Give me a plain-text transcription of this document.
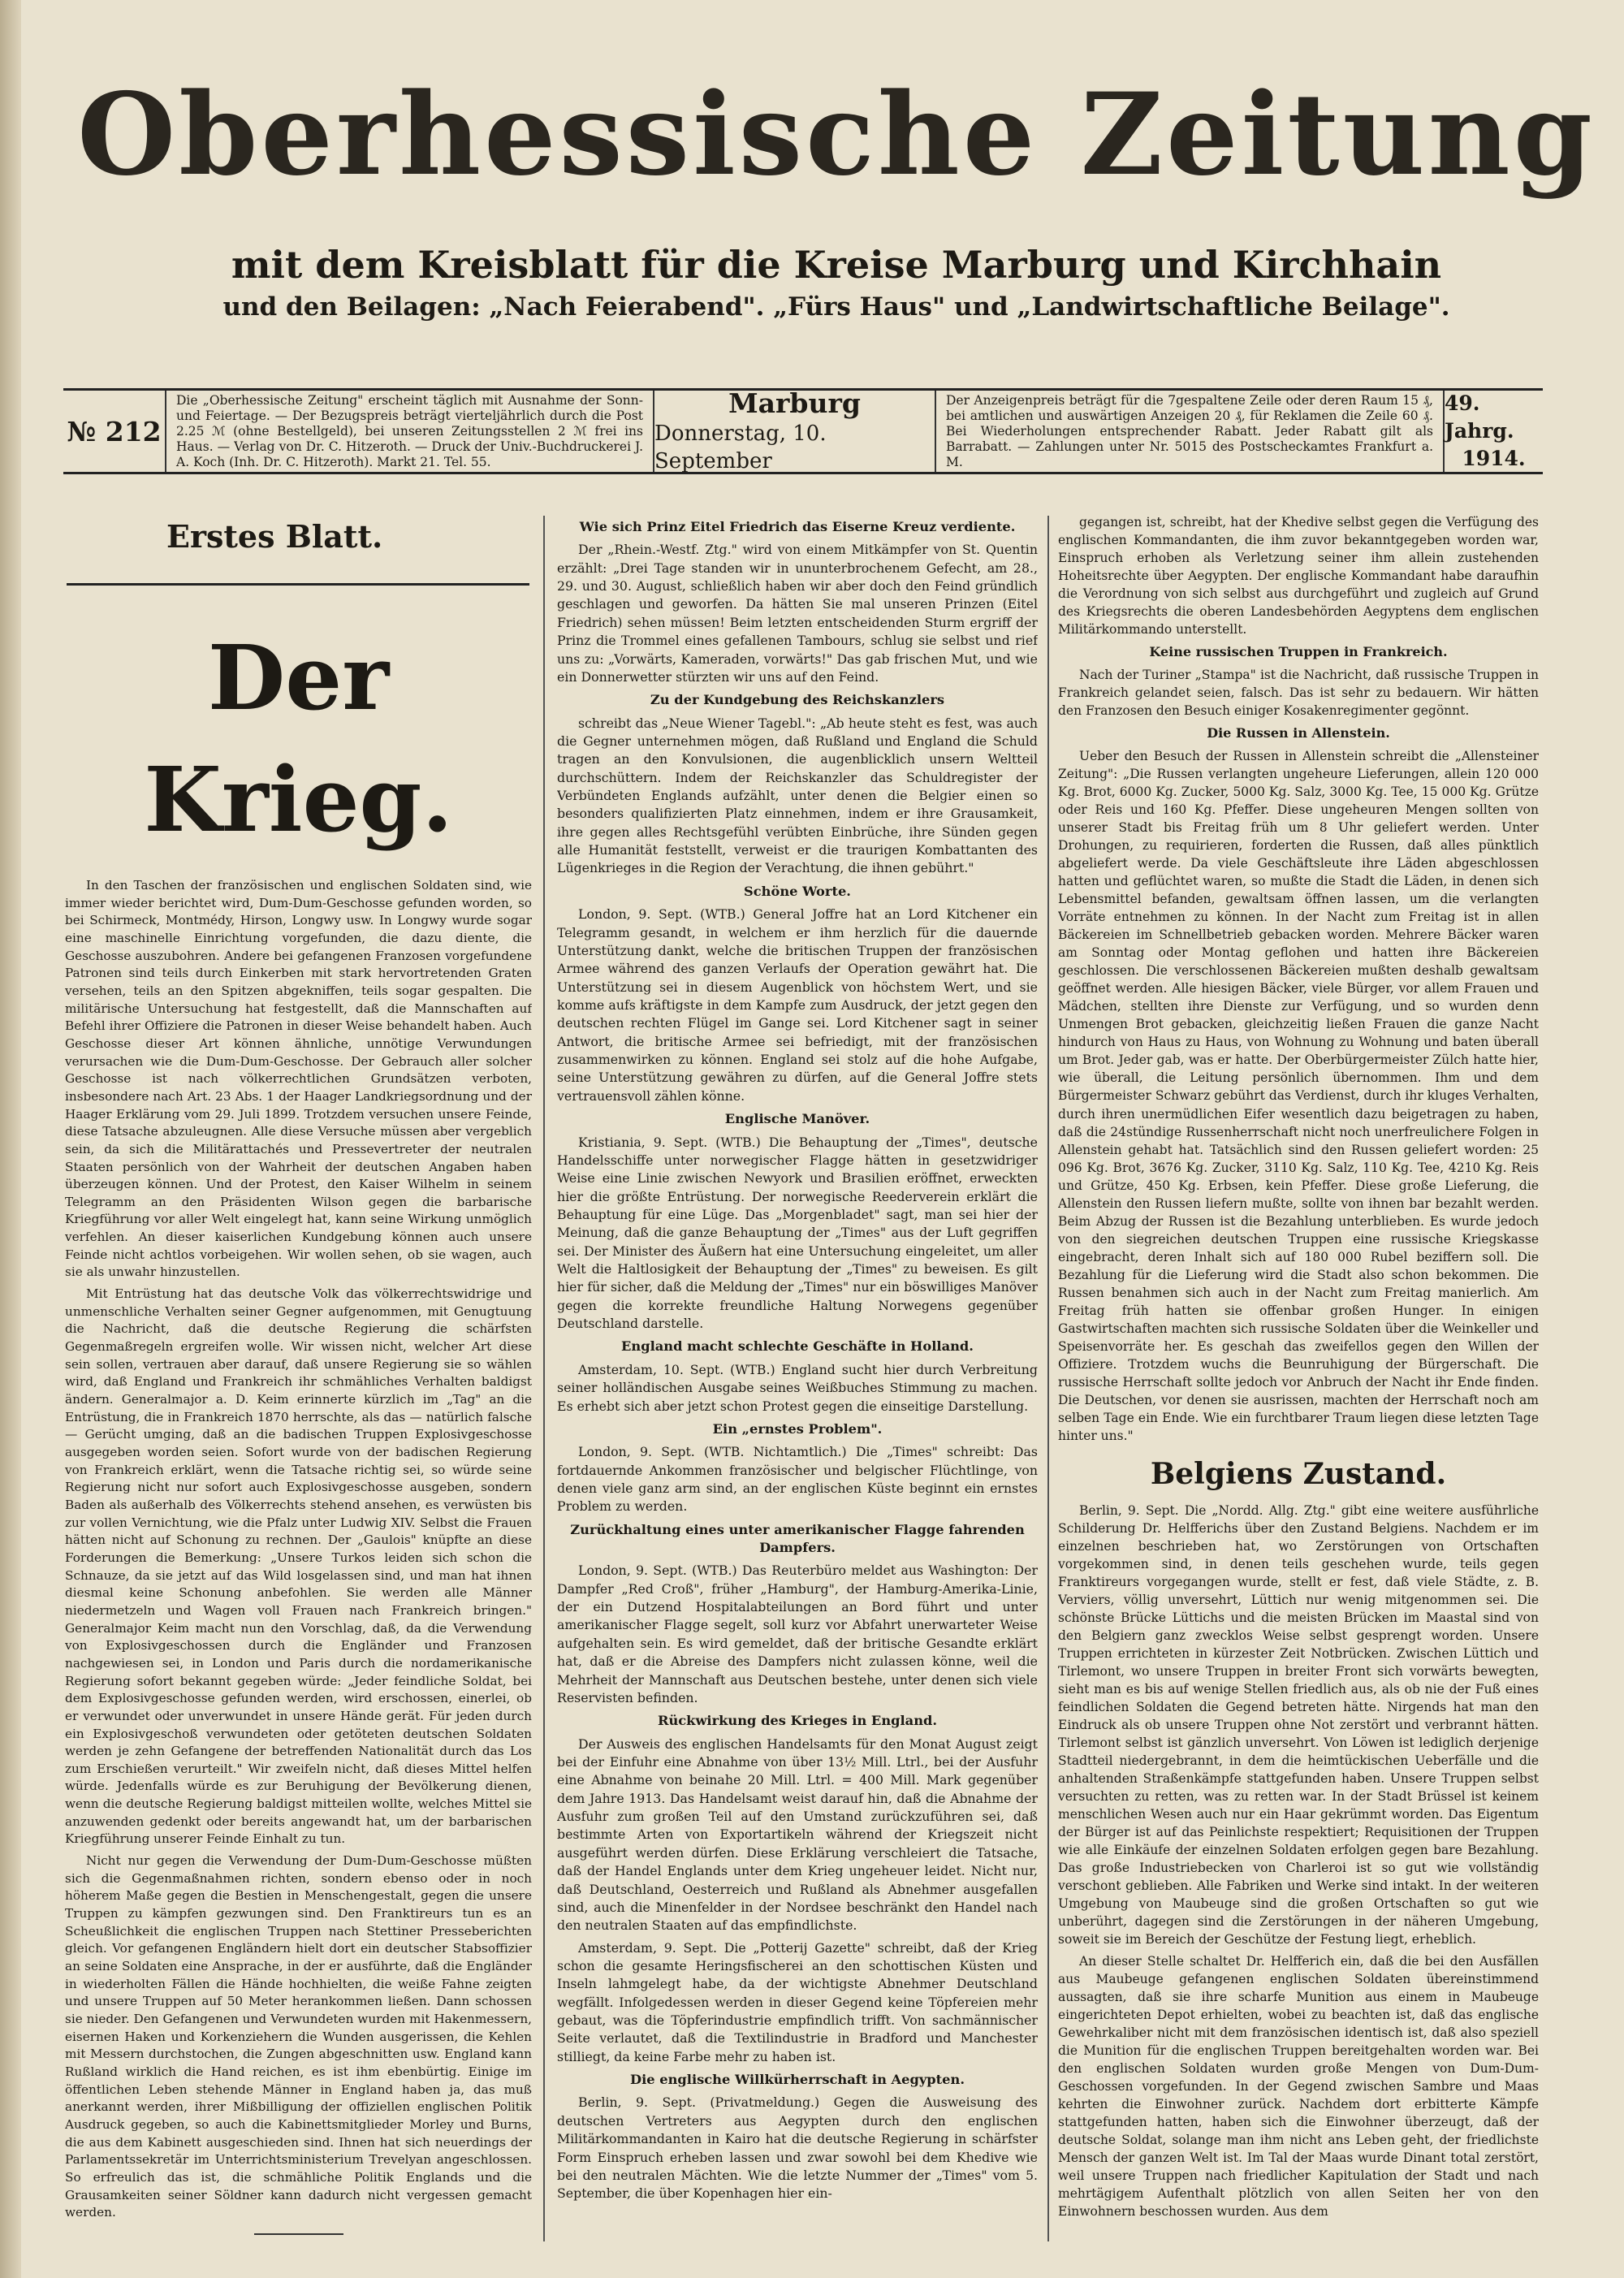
Oberhessische Zeitung
mit dem Kreisblatt für die Kreise Marburg und Kirchhain
und den Beilagen: „Nach Feierabend". „Fürs Haus" und „Landwirtschaftliche Beilage".
№ 212
Die „Oberhessische Zeitung" erscheint täglich mit Ausnahme der Sonn- und Feiertage. — Der Bezugspreis beträgt vierteljährlich durch die Post 2.25 ℳ (ohne Bestellgeld), bei unseren Zeitungsstellen 2 ℳ frei ins Haus. — Verlag von Dr. C. Hitzeroth. — Druck der Univ.-Buchdruckerei J. A. Koch (Inh. Dr. C. Hitzeroth). Markt 21. Tel. 55.
Marburg
Donnerstag, 10. September
Der Anzeigenpreis beträgt für die 7gespaltene Zeile oder deren Raum 15 ₰, bei amtlichen und auswärtigen Anzeigen 20 ₰, für Reklamen die Zeile 60 ₰. Bei Wiederholungen entsprechender Rabatt. Jeder Rabatt gilt als Barrabatt. — Zahlungen unter Nr. 5015 des Postscheckamtes Frankfurt a. M.
49. Jahrg.
1914.
Erstes Blatt.
Der Krieg.

In den Taschen der französischen und englischen Soldaten sind, wie immer wieder berichtet wird, Dum-Dum-Geschosse gefunden worden, so bei Schirmeck, Montmédy, Hirson, Longwy usw. In Longwy wurde sogar eine maschinelle Einrichtung vorgefunden, die dazu diente, die Geschosse auszubohren. Andere bei gefangenen Franzosen vorgefundene Patronen sind teils durch Einkerben mit stark hervortretenden Graten versehen, teils an den Spitzen abgekniffen, teils sogar gespalten. Die militärische Untersuchung hat festgestellt, daß die Mannschaften auf Befehl ihrer Offiziere die Patronen in dieser Weise behandelt haben. Auch Geschosse dieser Art können ähnliche, unnötige Verwundungen verursachen wie die Dum-Dum-Geschosse. Der Gebrauch aller solcher Geschosse ist nach völkerrechtlichen Grundsätzen verboten, insbesondere nach Art. 23 Abs. 1 der Haager Landkriegsordnung und der Haager Erklärung vom 29. Juli 1899. Trotzdem versuchen unsere Feinde, diese Tatsache abzuleugnen. Alle diese Versuche müssen aber vergeblich sein, da sich die Militärattachés und Pressevertreter der neutralen Staaten persönlich von der Wahrheit der deutschen Angaben haben überzeugen können. Und der Protest, den Kaiser Wilhelm in seinem Telegramm an den Präsidenten Wilson gegen die barbarische Kriegführung vor aller Welt eingelegt hat, kann seine Wirkung unmöglich verfehlen. An dieser kaiserlichen Kundgebung können auch unsere Feinde nicht achtlos vorbeigehen. Wir wollen sehen, ob sie wagen, auch sie als unwahr hinzustellen.

Mit Entrüstung hat das deutsche Volk das völkerrechtswidrige und unmenschliche Verhalten seiner Gegner aufgenommen, mit Genugtuung die Nachricht, daß die deutsche Regierung die schärfsten Gegenmaßregeln ergreifen wolle. Wir wissen nicht, welcher Art diese sein sollen, vertrauen aber darauf, daß unsere Regierung sie so wählen wird, daß England und Frankreich ihr schmähliches Verhalten baldigst ändern. Generalmajor a. D. Keim erinnerte kürzlich im „Tag" an die Entrüstung, die in Frankreich 1870 herrschte, als das — natürlich falsche — Gerücht umging, daß an die badischen Truppen Explosivgeschosse ausgegeben worden seien. Sofort wurde von der badischen Regierung von Frankreich erklärt, wenn die Tatsache richtig sei, so würde seine Regierung nicht nur sofort auch Explosivgeschosse ausgeben, sondern Baden als außerhalb des Völkerrechts stehend ansehen, es verwüsten bis zur vollen Vernichtung, wie die Pfalz unter Ludwig XIV. Selbst die Frauen hätten nicht auf Schonung zu rechnen. Der „Gaulois" knüpfte an diese Forderungen die Bemerkung: „Unsere Turkos leiden sich schon die Schnauze, da sie jetzt auf das Wild losgelassen sind, und man hat ihnen diesmal keine Schonung anbefohlen. Sie werden alle Männer niedermetzeln und Wagen voll Frauen nach Frankreich bringen." Generalmajor Keim macht nun den Vorschlag, daß, da die Verwendung von Explosivgeschossen durch die Engländer und Franzosen nachgewiesen sei, in London und Paris durch die nordamerikanische Regierung sofort bekannt gegeben würde: „Jeder feindliche Soldat, bei dem Explosivgeschosse gefunden werden, wird erschossen, einerlei, ob er verwundet oder unverwundet in unsere Hände gerät. Für jeden durch ein Explosivgeschoß verwundeten oder getöteten deutschen Soldaten werden je zehn Gefangene der betreffenden Nationalität durch das Los zum Erschießen verurteilt." Wir zweifeln nicht, daß dieses Mittel helfen würde. Jedenfalls würde es zur Beruhigung der Bevölkerung dienen, wenn die deutsche Regierung baldigst mitteilen wollte, welches Mittel sie anzuwenden gedenkt oder bereits angewandt hat, um der barbarischen Kriegführung unserer Feinde Einhalt zu tun.

Nicht nur gegen die Verwendung der Dum-Dum-Geschosse müßten sich die Gegenmaßnahmen richten, sondern ebenso oder in noch höherem Maße gegen die Bestien in Menschengestalt, gegen die unsere Truppen zu kämpfen gezwungen sind. Den Franktireurs tun es an Scheußlichkeit die englischen Truppen nach Stettiner Presseberichten gleich. Vor gefangenen Engländern hielt dort ein deutscher Stabsoffizier an seine Soldaten eine Ansprache, in der er ausführte, daß die Engländer in wiederholten Fällen die Hände hochhielten, die weiße Fahne zeigten und unsere Truppen auf 50 Meter herankommen ließen. Dann schossen sie nieder. Den Gefangenen und Verwundeten wurden mit Hakenmessern, eisernen Haken und Korkenziehern die Wunden ausgerissen, die Kehlen mit Messern durchstochen, die Zungen abgeschnitten usw. England kann Rußland wirklich die Hand reichen, es ist ihm ebenbürtig. Einige im öffentlichen Leben stehende Männer in England haben ja, das muß anerkannt werden, ihrer Mißbilligung der offiziellen englischen Politik Ausdruck gegeben, so auch die Kabinettsmitglieder Morley und Burns, die aus dem Kabinett ausgeschieden sind. Ihnen hat sich neuerdings der Parlamentssekretär im Unterrichtsministerium Trevelyan angeschlossen. So erfreulich das ist, die schmähliche Politik Englands und die Grausamkeiten seiner Söldner kann dadurch nicht vergessen gemacht werden.

Wie sich Prinz Eitel Friedrich das Eiserne Kreuz verdiente.

Der „Rhein.-Westf. Ztg." wird von einem Mitkämpfer von St. Quentin erzählt: „Drei Tage standen wir in ununterbrochenem Gefecht, am 28., 29. und 30. August, schließlich haben wir aber doch den Feind gründlich geschlagen und geworfen. Da hätten Sie mal unseren Prinzen (Eitel Friedrich) sehen müssen! Beim letzten entscheidenden Sturm ergriff der Prinz die Trommel eines gefallenen Tambours, schlug sie selbst und rief uns zu: „Vorwärts, Kameraden, vorwärts!" Das gab frischen Mut, und wie ein Donnerwetter stürzten wir uns auf den Feind.

Zu der Kundgebung des Reichskanzlers

schreibt das „Neue Wiener Tagebl.": „Ab heute steht es fest, was auch die Gegner unternehmen mögen, daß Rußland und England die Schuld tragen an den Konvulsionen, die augenblicklich unsern Weltteil durchschüttern. Indem der Reichskanzler das Schuldregister der Verbündeten Englands aufzählt, unter denen die Belgier einen so besonders qualifizierten Platz einnehmen, indem er ihre Grausamkeit, ihre gegen alles Rechtsgefühl verübten Einbrüche, ihre Sünden gegen alle Humanität feststellt, verweist er die traurigen Kombattanten des Lügenkrieges in die Region der Verachtung, die ihnen gebührt."

Schöne Worte.

London, 9. Sept. (WTB.) General Joffre hat an Lord Kitchener ein Telegramm gesandt, in welchem er ihm herzlich für die dauernde Unterstützung dankt, welche die britischen Truppen der französischen Armee während des ganzen Verlaufs der Operation gewährt hat. Die Unterstützung sei in diesem Augenblick von höchstem Wert, und sie komme aufs kräftigste in dem Kampfe zum Ausdruck, der jetzt gegen den deutschen rechten Flügel im Gange sei. Lord Kitchener sagt in seiner Antwort, die britische Armee sei befriedigt, mit der französischen zusammenwirken zu können. England sei stolz auf die hohe Aufgabe, seine Unterstützung gewähren zu dürfen, auf die General Joffre stets vertrauensvoll zählen könne.

Englische Manöver.

Kristiania, 9. Sept. (WTB.) Die Behauptung der „Times", deutsche Handelsschiffe unter norwegischer Flagge hätten in gesetzwidriger Weise eine Linie zwischen Newyork und Brasilien eröffnet, erweckten hier die größte Entrüstung. Der norwegische Reederverein erklärt die Behauptung für eine Lüge. Das „Morgenbladet" sagt, man sei hier der Meinung, daß die ganze Behauptung der „Times" aus der Luft gegriffen sei. Der Minister des Äußern hat eine Untersuchung eingeleitet, um aller Welt die Haltlosigkeit der Behauptung der „Times" zu beweisen. Es gilt hier für sicher, daß die Meldung der „Times" nur ein böswilliges Manöver gegen die korrekte freundliche Haltung Norwegens gegenüber Deutschland darstelle.

England macht schlechte Geschäfte in Holland.

Amsterdam, 10. Sept. (WTB.) England sucht hier durch Verbreitung seiner holländischen Ausgabe seines Weißbuches Stimmung zu machen. Es erhebt sich aber jetzt schon Protest gegen die einseitige Darstellung.

Ein „ernstes Problem".

London, 9. Sept. (WTB. Nichtamtlich.) Die „Times" schreibt: Das fortdauernde Ankommen französischer und belgischer Flüchtlinge, von denen viele ganz arm sind, an der englischen Küste beginnt ein ernstes Problem zu werden.

Zurückhaltung eines unter amerikanischer Flagge fahrenden Dampfers.

London, 9. Sept. (WTB.) Das Reuterbüro meldet aus Washington: Der Dampfer „Red Croß", früher „Hamburg", der Hamburg-Amerika-Linie, der ein Dutzend Hospitalabteilungen an Bord führt und unter amerikanischer Flagge segelt, soll kurz vor Abfahrt unerwarteter Weise aufgehalten sein. Es wird gemeldet, daß der britische Gesandte erklärt hat, daß er die Abreise des Dampfers nicht zulassen könne, weil die Mehrheit der Mannschaft aus Deutschen bestehe, unter denen sich viele Reservisten befinden.

Rückwirkung des Krieges in England.

Der Ausweis des englischen Handelsamts für den Monat August zeigt bei der Einfuhr eine Abnahme von über 13½ Mill. Ltrl., bei der Ausfuhr eine Abnahme von beinahe 20 Mill. Ltrl. = 400 Mill. Mark gegenüber dem Jahre 1913. Das Handelsamt weist darauf hin, daß die Abnahme der Ausfuhr zum großen Teil auf den Umstand zurückzuführen sei, daß bestimmte Arten von Exportartikeln während der Kriegszeit nicht ausgeführt werden dürfen. Diese Erklärung verschleiert die Tatsache, daß der Handel Englands unter dem Krieg ungeheuer leidet. Nicht nur, daß Deutschland, Oesterreich und Rußland als Abnehmer ausgefallen sind, auch die Minenfelder in der Nordsee beschränkt den Handel nach den neutralen Staaten auf das empfindlichste.

Amsterdam, 9. Sept. Die „Potterij Gazette" schreibt, daß der Krieg schon die gesamte Heringsfischerei an den schottischen Küsten und Inseln lahmgelegt habe, da der wichtigste Abnehmer Deutschland wegfällt. Infolgedessen werden in dieser Gegend keine Töpfereien mehr gebaut, was die Töpferindustrie empfindlich trifft. Von sachmännischer Seite verlautet, daß die Textilindustrie in Bradford und Manchester stilliegt, da keine Farbe mehr zu haben ist.

Die englische Willkürherrschaft in Aegypten.

Berlin, 9. Sept. (Privatmeldung.) Gegen die Ausweisung des deutschen Vertreters aus Aegypten durch den englischen Militärkommandanten in Kairo hat die deutsche Regierung in schärfster Form Einspruch erheben lassen und zwar sowohl bei dem Khedive wie bei den neutralen Mächten. Wie die letzte Nummer der „Times" vom 5. September, die über Kopenhagen hier ein-

gegangen ist, schreibt, hat der Khedive selbst gegen die Verfügung des englischen Kommandanten, die ihm zuvor bekanntgegeben worden war, Einspruch erhoben als Verletzung seiner ihm allein zustehenden Hoheitsrechte über Aegypten. Der englische Kommandant habe daraufhin die Verordnung von sich selbst aus durchgeführt und zugleich auf Grund des Kriegsrechts die oberen Landesbehörden Aegyptens dem englischen Militärkommando unterstellt.

Keine russischen Truppen in Frankreich.

Nach der Turiner „Stampa" ist die Nachricht, daß russische Truppen in Frankreich gelandet seien, falsch. Das ist sehr zu bedauern. Wir hätten den Franzosen den Besuch einiger Kosakenregimenter gegönnt.

Die Russen in Allenstein.

Ueber den Besuch der Russen in Allenstein schreibt die „Allensteiner Zeitung": „Die Russen verlangten ungeheure Lieferungen, allein 120 000 Kg. Brot, 6000 Kg. Zucker, 5000 Kg. Salz, 3000 Kg. Tee, 15 000 Kg. Grütze oder Reis und 160 Kg. Pfeffer. Diese ungeheuren Mengen sollten von unserer Stadt bis Freitag früh um 8 Uhr geliefert werden. Unter Drohungen, zu requirieren, forderten die Russen, daß alles pünktlich abgeliefert werde. Da viele Geschäftsleute ihre Läden abgeschlossen hatten und geflüchtet waren, so mußte die Stadt die Läden, in denen sich Lebensmittel befanden, gewaltsam öffnen lassen, um die verlangten Vorräte entnehmen zu können. In der Nacht zum Freitag ist in allen Bäckereien im Schnellbetrieb gebacken worden. Mehrere Bäcker waren am Sonntag oder Montag geflohen und hatten ihre Bäckereien geschlossen. Die verschlossenen Bäckereien mußten deshalb gewaltsam geöffnet werden. Alle hiesigen Bäcker, viele Bürger, vor allem Frauen und Mädchen, stellten ihre Dienste zur Verfügung, und so wurden denn Unmengen Brot gebacken, gleichzeitig ließen Frauen die ganze Nacht hindurch von Haus zu Haus, von Wohnung zu Wohnung und baten überall um Brot. Jeder gab, was er hatte. Der Oberbürgermeister Zülch hatte hier, wie überall, die Leitung persönlich übernommen. Ihm und dem Bürgermeister Schwarz gebührt das Verdienst, durch ihr kluges Verhalten, durch ihren unermüdlichen Eifer wesentlich dazu beigetragen zu haben, daß die 24stündige Russenherrschaft nicht noch unerfreulichere Folgen in Allenstein gehabt hat. Tatsächlich sind den Russen geliefert worden: 25 096 Kg. Brot, 3676 Kg. Zucker, 3110 Kg. Salz, 110 Kg. Tee, 4210 Kg. Reis und Grütze, 450 Kg. Erbsen, kein Pfeffer. Diese große Lieferung, die Allenstein den Russen liefern mußte, sollte von ihnen bar bezahlt werden. Beim Abzug der Russen ist die Bezahlung unterblieben. Es wurde jedoch von den siegreichen deutschen Truppen eine russische Kriegskasse eingebracht, deren Inhalt sich auf 180 000 Rubel beziffern soll. Die Bezahlung für die Lieferung wird die Stadt also schon bekommen. Die Russen benahmen sich auch in der Nacht zum Freitag manierlich. Am Freitag früh hatten sie offenbar großen Hunger. In einigen Gastwirtschaften machten sich russische Soldaten über die Weinkeller und Speisenvorräte her. Es geschah das zweifellos gegen den Willen der Offiziere. Trotzdem wuchs die Beunruhigung der Bürgerschaft. Die russische Herrschaft sollte jedoch vor Anbruch der Nacht ihr Ende finden. Die Deutschen, vor denen sie ausrissen, machten der Herrschaft noch am selben Tage ein Ende. Wie ein furchtbarer Traum liegen diese letzten Tage hinter uns."

Belgiens Zustand.

Berlin, 9. Sept. Die „Nordd. Allg. Ztg." gibt eine weitere ausführliche Schilderung Dr. Helfferichs über den Zustand Belgiens. Nachdem er im einzelnen beschrieben hat, wo Zerstörungen von Ortschaften vorgekommen sind, in denen teils geschehen wurde, teils gegen Franktireurs vorgegangen wurde, stellt er fest, daß viele Städte, z. B. Verviers, völlig unversehrt, Lüttich nur wenig mitgenommen sei. Die schönste Brücke Lüttichs und die meisten Brücken im Maastal sind von den Belgiern ganz zwecklos Weise selbst gesprengt worden. Unsere Truppen errichteten in kürzester Zeit Notbrücken. Zwischen Lüttich und Tirlemont, wo unsere Truppen in breiter Front sich vorwärts bewegten, sieht man es bis auf wenige Stellen friedlich aus, als ob nie der Fuß eines feindlichen Soldaten die Gegend betreten hätte. Nirgends hat man den Eindruck als ob unsere Truppen ohne Not zerstört und verbrannt hätten. Tirlemont selbst ist gänzlich unversehrt. Von Löwen ist lediglich derjenige Stadtteil niedergebrannt, in dem die heimtückischen Ueberfälle und die anhaltenden Straßenkämpfe stattgefunden haben. Unsere Truppen selbst versuchten zu retten, was zu retten war. In der Stadt Brüssel ist keinem menschlichen Wesen auch nur ein Haar gekrümmt worden. Das Eigentum der Bürger ist auf das Peinlichste respektiert; Requisitionen der Truppen wie alle Einkäufe der einzelnen Soldaten erfolgen gegen bare Bezahlung. Das große Industriebecken von Charleroi ist so gut wie vollständig verschont geblieben. Alle Fabriken und Werke sind intakt. In der weiteren Umgebung von Maubeuge sind die großen Ortschaften so gut wie unberührt, dagegen sind die Zerstörungen in der näheren Umgebung, soweit sie im Bereich der Geschütze der Festung liegt, erheblich.

An dieser Stelle schaltet Dr. Helfferich ein, daß die bei den Ausfällen aus Maubeuge gefangenen englischen Soldaten übereinstimmend aussagten, daß sie ihre scharfe Munition aus einem in Maubeuge eingerichteten Depot erhielten, wobei zu beachten ist, daß das englische Gewehrkaliber nicht mit dem französischen identisch ist, daß also speziell die Munition für die englischen Truppen bereitgehalten worden war. Bei den englischen Soldaten wurden große Mengen von Dum-Dum-Geschossen vorgefunden. In der Gegend zwischen Sambre und Maas kehrten die Einwohner zurück. Nachdem dort erbitterte Kämpfe stattgefunden hatten, haben sich die Einwohner überzeugt, daß der deutsche Soldat, solange man ihm nicht ans Leben geht, der friedlichste Mensch der ganzen Welt ist. Im Tal der Maas wurde Dinant total zerstört, weil unsere Truppen nach friedlicher Kapitulation der Stadt und nach mehrtägigem Aufenthalt plötzlich von allen Seiten her von den Einwohnern beschossen wurden. Aus dem
